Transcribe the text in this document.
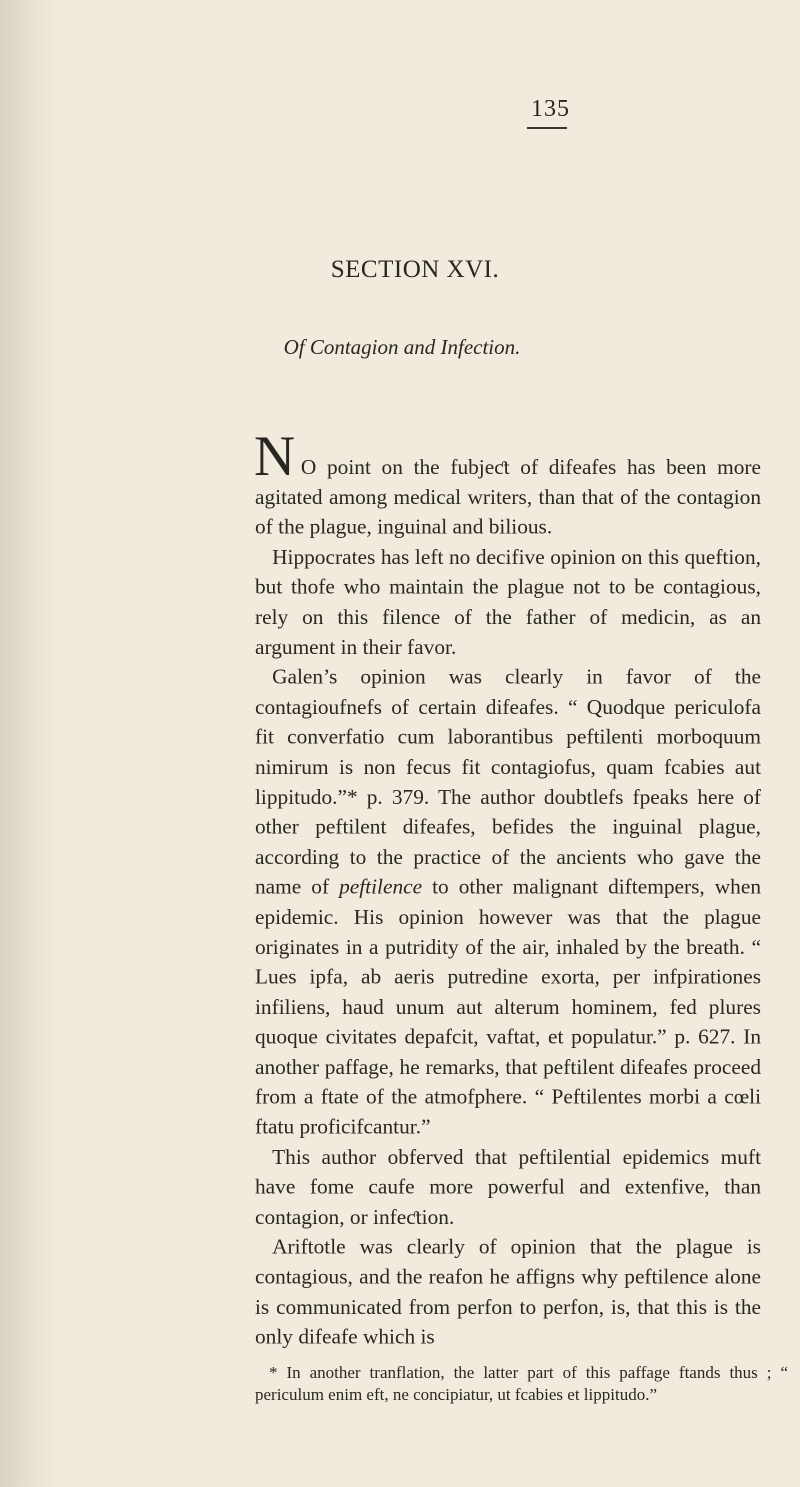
135
SECTION XVI.
Of Contagion and Infection.

N O point on the fubjeƈt of difeafes has been more agitated among medical writers, than that of the contagion of the plague, inguinal and bilious.

Hippocrates has left no decifive opinion on this queftion, but thofe who maintain the plague not to be contagious, rely on this filence of the father of medicin, as an argument in their favor.

Galen’s opinion was clearly in favor of the contagioufnefs of certain difeafes. “ Quodque periculofa fit converfatio cum laborantibus peftilenti morboquum nimirum is non fecus fit contagiofus, quam fcabies aut lippitudo.”* p. 379. The author doubtlefs fpeaks here of other peftilent difeafes, befides the inguinal plague, according to the practice of the ancients who gave the name of peftilence to other malignant diftempers, when epidemic. His opinion however was that the plague originates in a putridity of the air, inhaled by the breath. “ Lues ipfa, ab aeris putredine exorta, per infpirationes infiliens, haud unum aut alterum hominem, fed plures quoque civitates depafcit, vaftat, et populatur.” p. 627. In another paffage, he remarks, that peftilent difeafes proceed from a ftate of the atmofphere. “ Peftilentes morbi a cœli ftatu proficifcantur.”

This author obferved that peftilential epidemics muft have fome caufe more powerful and extenfive, than contagion, or infeƈtion.

Ariftotle was clearly of opinion that the plague is contagious, and the reafon he affigns why peftilence alone is communicated from perfon to perfon, is, that this is the only difeafe which is

* In another tranflation, the latter part of this paffage ftands thus ; “ periculum enim eft, ne concipiatur, ut fcabies et lippitudo.”
